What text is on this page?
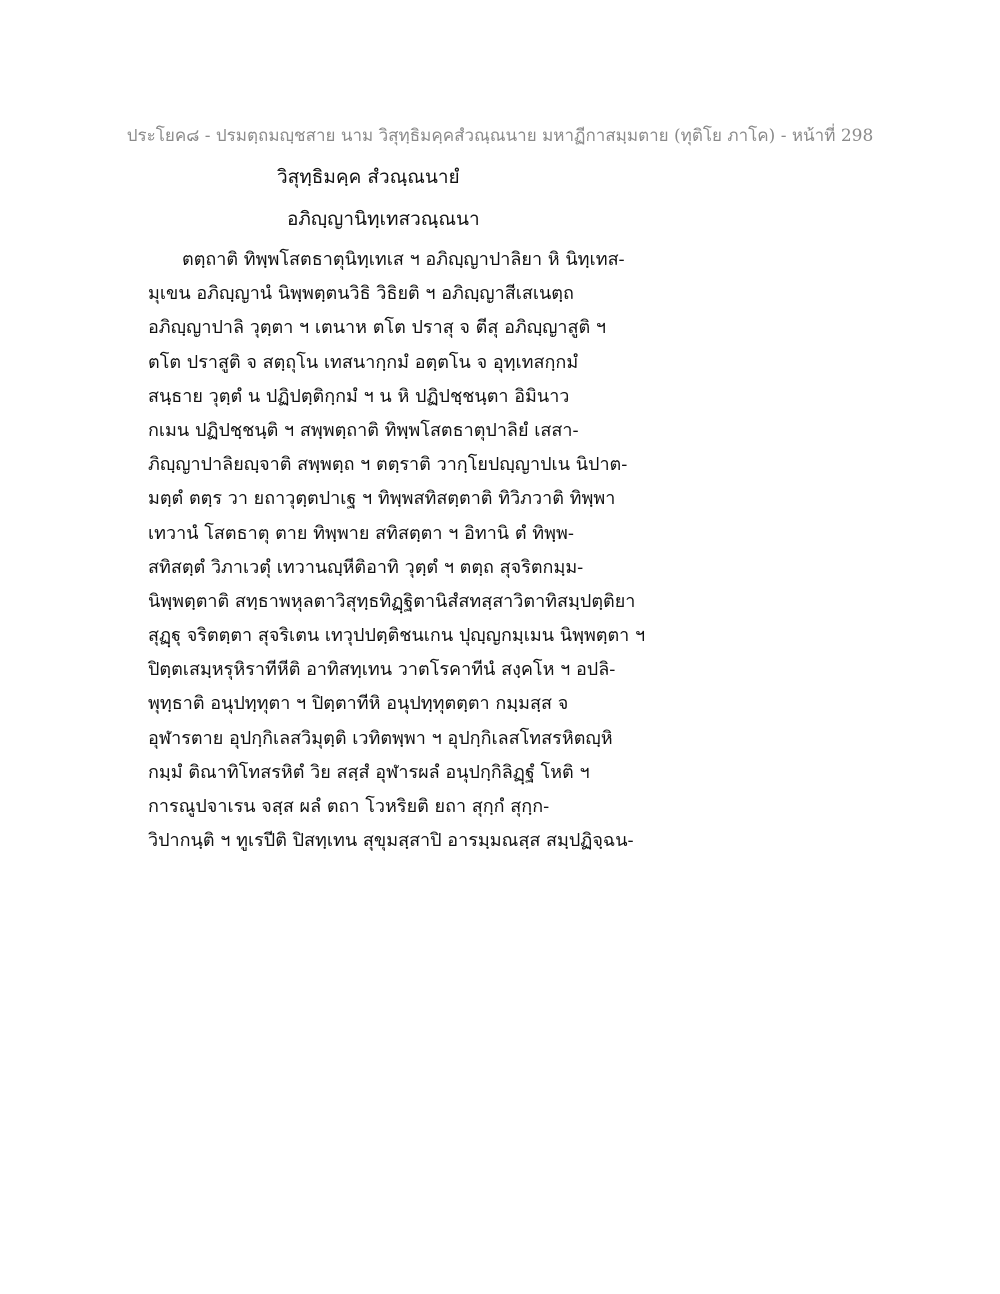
ประโยค๘ - ปรมตฺถมญฺชสาย นาม วิสุทฺธิมคฺคสํวณฺณนาย มหาฏีกาสมฺมตาย (ทุติโย ภาโค) - หน้าที่ 298
วิสุทฺธิมคฺค สํวณฺณนายํ
อภิญฺญานิทฺเทสวณฺณนา
ตตฺถาติ ทิพฺพโสตธาตุนิทฺเทเส ฯ อภิญฺญาปาลิยา หิ นิทฺเทส-
มุเขน อภิญฺญานํ นิพฺพตฺตนวิธิ วิธิยติ ฯ อภิญฺญาสีเสเนตฺถ
อภิญฺญาปาลิ วุตฺตา ฯ เตนาห ตโต ปราสุ จ ตีสุ อภิญฺญาสูติ ฯ
ตโต ปราสูติ จ สตฺถุโน เทสนากฺกมํ อตฺตโน จ อุทฺเทสกฺกมํ
สนฺธาย วุตฺตํ น ปฏิปตฺติกฺกมํ ฯ น หิ ปฏิปชฺชนฺตา อิมินาว
กเมน ปฏิปชฺชนฺติ ฯ สพฺพตฺถาติ ทิพฺพโสตธาตุปาลิยํ เสสา-
ภิญฺญาปาลิยญฺจาติ สพฺพตฺถ ฯ ตตฺราติ วากฺโยปญฺญาปเน นิปาต-
มตฺตํ ตตฺร วา ยถาวุตฺตปาเฐ ฯ ทิพฺพสทิสตฺตาติ ทิวิภวาติ ทิพฺพา
เทวานํ โสตธาตุ ตาย ทิพฺพาย สทิสตฺตา ฯ อิทานิ ตํ ทิพฺพ-
สทิสตฺตํ วิภาเวตุํ เทวานญฺหีติอาทิ วุตฺตํ ฯ ตตฺถ สุจริตกมฺม-
นิพฺพตฺตาติ สทฺธาพหุลตาวิสุทฺธทิฏฺฐิตานิสํสทสฺสาวิตาทิสมฺปตฺติยา
สุฏฺฐุ จริตตฺตา สุจริเตน เทวุปปตฺติชนเกน ปุญฺญกมฺเมน นิพฺพตฺตา ฯ
ปิตฺตเสมฺหรุหิราทีหีติ อาทิสทฺเทน วาตโรคาทีนํ สงฺคโห ฯ อปลิ-
พุทฺธาติ อนุปทฺทุตา ฯ ปิตฺตาทีหิ อนุปทฺทุตตฺตา กมฺมสฺส จ
อุฬารตาย อุปกฺกิเลสวิมุตฺติ เวทิตพฺพา ฯ อุปกฺกิเลสโทสรหิตญฺหิ
กมฺมํ ติณาทิโทสรหิตํ วิย สสฺสํ อุฬารผลํ อนุปกฺกิลิฏฺฐํ โหติ ฯ
การณูปจาเรน จสฺส ผลํ ตถา โวหริยติ ยถา สุกฺกํ สุกฺก-
วิปากนฺติ ฯ ทูเรปีติ ปิสทฺเทน สุขุมสฺสาปิ อารมฺมณสฺส สมฺปฏิจฺฉน-
